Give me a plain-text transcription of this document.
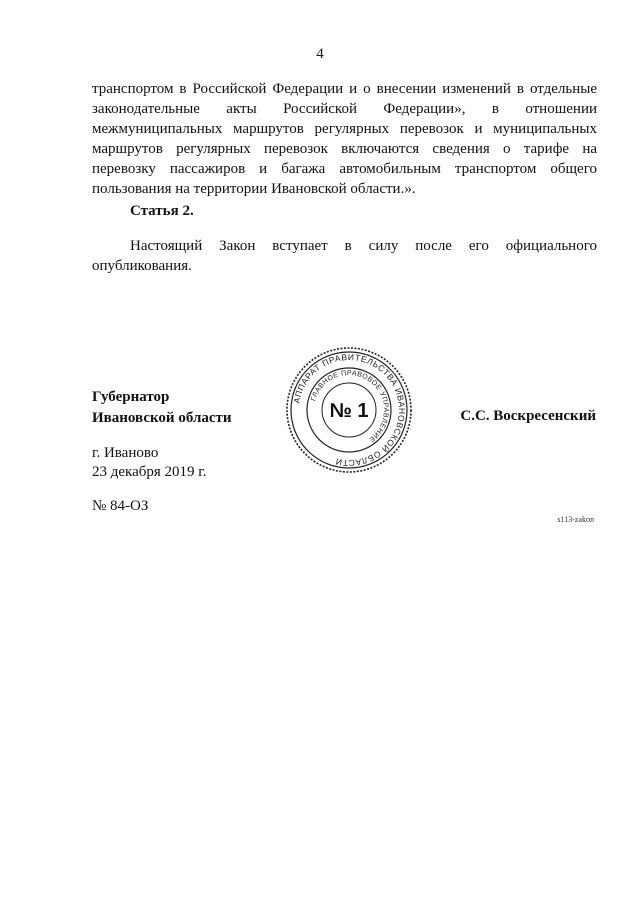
4
транспортом в Российской Федерации и о внесении изменений в отдельные законодательные акты Российской Федерации», в отношении межмуниципальных маршрутов регулярных перевозок и муниципальных маршрутов регулярных перевозок включаются сведения о тарифе на перевозку пассажиров и багажа автомобильным транспортом общего пользования на территории Ивановской области.».
Статья 2.
Настоящий Закон вступает в силу после его официального опубликования.
Губернатор
Ивановской области
АППАРАТ ПРАВИТЕЛЬСТВА ИВАНОВСКОЙ ОБЛАСТИ
ГЛАВНОЕ ПРАВОВОЕ УПРАВЛЕНИЕ
№ 1	С.С. Воскресенский
г. Иваново
23 декабря 2019 г.
№ 84-ОЗ
s113-zakon
